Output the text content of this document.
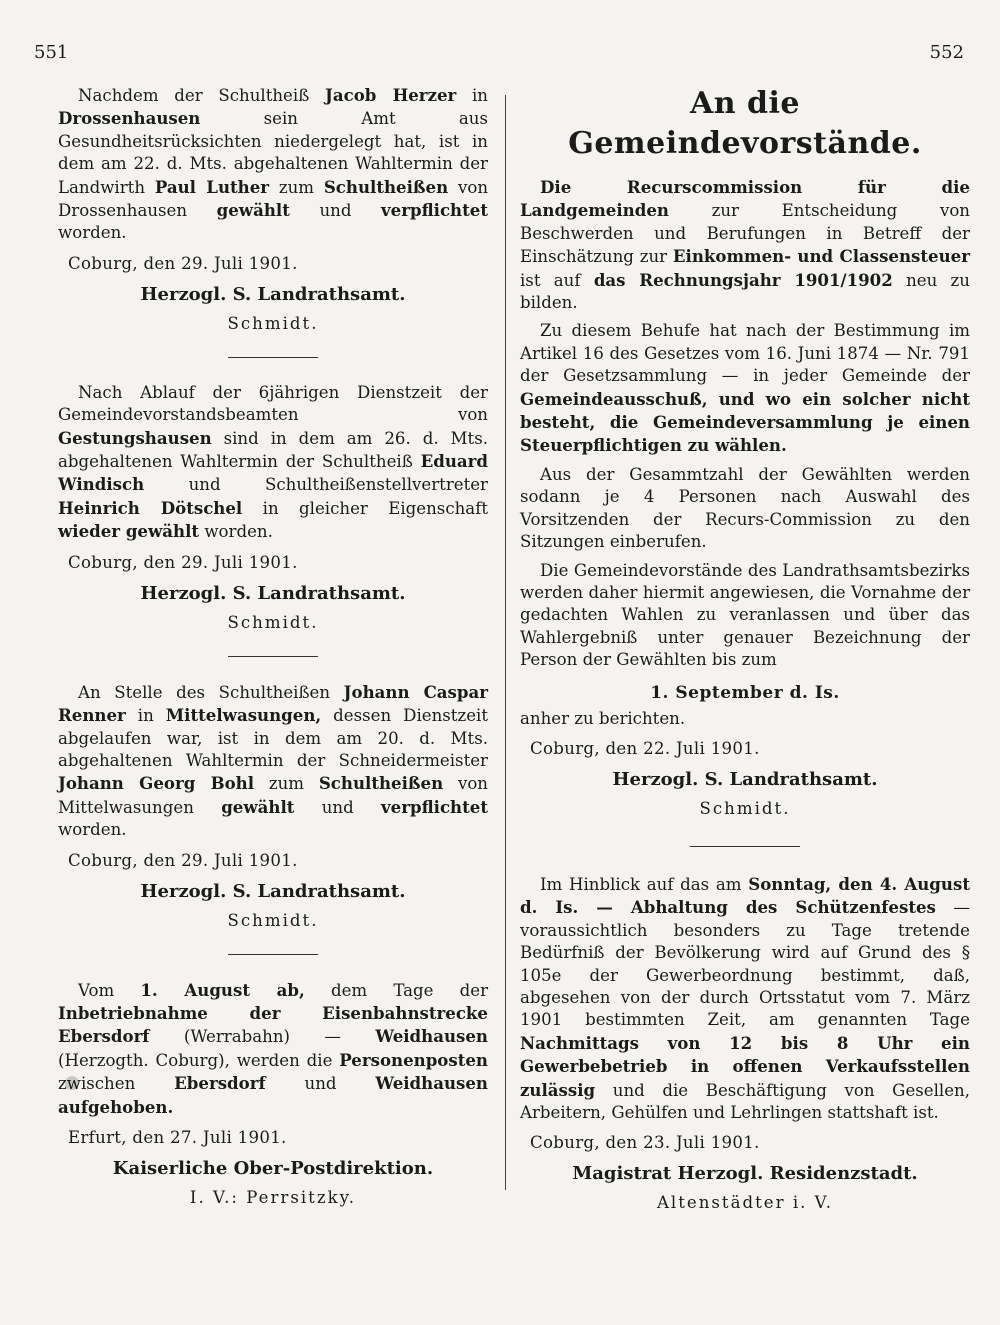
551	552

Nachdem der Schultheiß Jacob Herzer in Drossenhausen sein Amt aus Gesundheitsrücksichten niedergelegt hat, ist in dem am 22. d. Mts. abgehaltenen Wahltermin der Landwirth Paul Luther zum Schultheißen von Drossenhausen gewählt und verpflichtet worden.

Coburg, den 29. Juli 1901.

Herzogl. S. Landrathsamt.

Schmidt.

Nach Ablauf der 6jährigen Dienstzeit der Gemeindevorstandsbeamten von Gestungshausen sind in dem am 26. d. Mts. abgehaltenen Wahltermin der Schultheiß Eduard Windisch und Schultheißenstellvertreter Heinrich Dötschel in gleicher Eigenschaft wieder gewählt worden.

Coburg, den 29. Juli 1901.

Herzogl. S. Landrathsamt.

Schmidt.

An Stelle des Schultheißen Johann Caspar Renner in Mittelwasungen, dessen Dienstzeit abgelaufen war, ist in dem am 20. d. Mts. abgehaltenen Wahltermin der Schneidermeister Johann Georg Bohl zum Schultheißen von Mittelwasungen gewählt und verpflichtet worden.

Coburg, den 29. Juli 1901.

Herzogl. S. Landrathsamt.

Schmidt.

Vom 1. August ab, dem Tage der Inbetriebnahme der Eisenbahnstrecke Ebersdorf (Werrabahn) — Weidhausen (Herzogth. Coburg), werden die Personenposten zwischen Ebersdorf und Weidhausen aufgehoben.

Erfurt, den 27. Juli 1901.

Kaiserliche Ober-Postdirektion.

I. V.: Perrsitzky.

An die Gemeindevorstände.

Die Recurscommission für die Landgemeinden zur Entscheidung von Beschwerden und Berufungen in Betreff der Einschätzung zur Einkommen- und Classensteuer ist auf das Rechnungsjahr 1901/1902 neu zu bilden.

Zu diesem Behufe hat nach der Bestimmung im Artikel 16 des Gesetzes vom 16. Juni 1874 — Nr. 791 der Gesetzsammlung — in jeder Gemeinde der Gemeindeausschuß, und wo ein solcher nicht besteht, die Gemeindeversammlung je einen Steuerpflichtigen zu wählen.

Aus der Gesammtzahl der Gewählten werden sodann je 4 Personen nach Auswahl des Vorsitzenden der Recurs-Commission zu den Sitzungen einberufen.

Die Gemeindevorstände des Landrathsamtsbezirks werden daher hiermit angewiesen, die Vornahme der gedachten Wahlen zu veranlassen und über das Wahlergebniß unter genauer Bezeichnung der Person der Gewählten bis zum

1. September d. Is.

anher zu berichten.

Coburg, den 22. Juli 1901.

Herzogl. S. Landrathsamt.

Schmidt.

Im Hinblick auf das am Sonntag, den 4. August d. Is. — Abhaltung des Schützenfestes — voraussichtlich besonders zu Tage tretende Bedürfniß der Bevölkerung wird auf Grund des § 105e der Gewerbeordnung bestimmt, daß, abgesehen von der durch Ortsstatut vom 7. März 1901 bestimmten Zeit, am genannten Tage Nachmittags von 12 bis 8 Uhr ein Gewerbebetrieb in offenen Verkaufsstellen zulässig und die Beschäftigung von Gesellen, Arbeitern, Gehülfen und Lehrlingen stattshaft ist.

Coburg, den 23. Juli 1901.

Magistrat Herzogl. Residenzstadt.

Altenstädter i. V.
